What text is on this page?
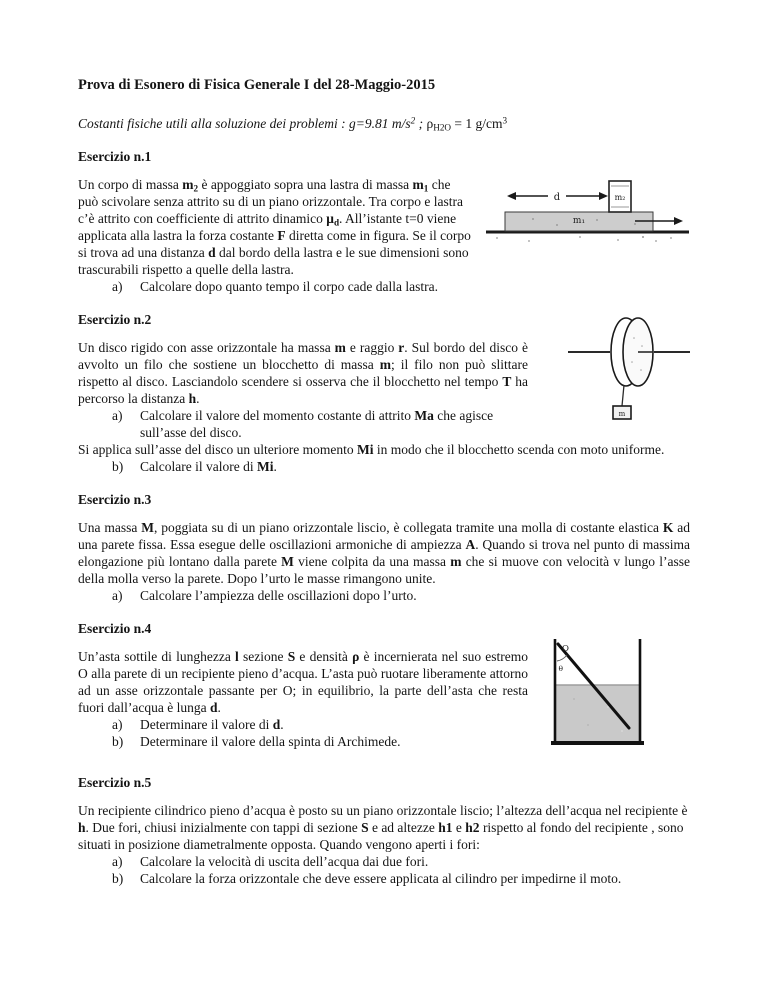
Prova di Esonero di Fisica Generale I del 28-Maggio-2015

Costanti fisiche utili alla soluzione dei problemi : g=9.81 $m/s^2$ ; $\rho_{H2O} = 1$ $g/cm^3$

Esercizio n.1
m₁
m₂
d

Un corpo di massa $m_2$ è appoggiato sopra una lastra di massa $m_1$ che può scivolare senza attrito su di un piano orizzontale. Tra corpo e lastra c’è attrito con coefficiente di attrito dinamico $\mu_d$. All’istante t=0 viene applicata alla lastra la forza costante F diretta come in figura. Se il corpo si trova ad una distanza d dal bordo della lastra e le sue dimensioni sono trascurabili rispetto a quelle della lastra.

a)	Calcolare dopo quanto tempo il corpo cade dalla lastra.
Esercizio n.2
m

Un disco rigido con asse orizzontale ha massa m e raggio r. Sul bordo del disco è avvolto un filo che sostiene un blocchetto di massa m; il filo non può slittare rispetto al disco. Lasciandolo scendere si osserva che il blocchetto nel tempo T ha percorso la distanza h.

a)	Calcolare il valore del momento costante di attrito Ma che agisce sull’asse del disco.

Si applica sull’asse del disco un ulteriore momento Mi in modo che il blocchetto scenda con moto uniforme.

b)	Calcolare il valore di Mi.
Esercizio n.3

Una massa M, poggiata su di un piano orizzontale liscio, è collegata tramite una molla di costante elastica K ad una parete fissa. Essa esegue delle oscillazioni armoniche di ampiezza A. Quando si trova nel punto di massima elongazione più lontano dalla parete M viene colpita da una massa m che si muove con velocità v lungo l’asse della molla verso la parete. Dopo l’urto le masse rimangono unite.

a)	Calcolare l’ampiezza delle oscillazioni dopo l’urto.
Esercizio n.4
O
θ

Un’asta sottile di lunghezza l sezione S e densità ρ è incernierata nel suo estremo O alla parete di un recipiente pieno d’acqua. L’asta può ruotare liberamente attorno ad un asse orizzontale passante per O; in equilibrio, la parte dell’asta che resta fuori dall’acqua è lunga d.

a)	Determinare il valore di d.
b)	Determinare il valore della spinta di Archimede.
Esercizio n.5

Un recipiente cilindrico pieno d’acqua è posto su un piano orizzontale liscio; l’altezza dell’acqua nel recipiente è h. Due fori, chiusi inizialmente con tappi di sezione S e ad altezze h1 e h2 rispetto al fondo del recipiente , sono situati in posizione diametralmente opposta. Quando vengono aperti i fori:

a)	Calcolare la velocità di uscita dell’acqua dai due fori.
b)	Calcolare la forza orizzontale che deve essere applicata al cilindro per impedirne il moto.
